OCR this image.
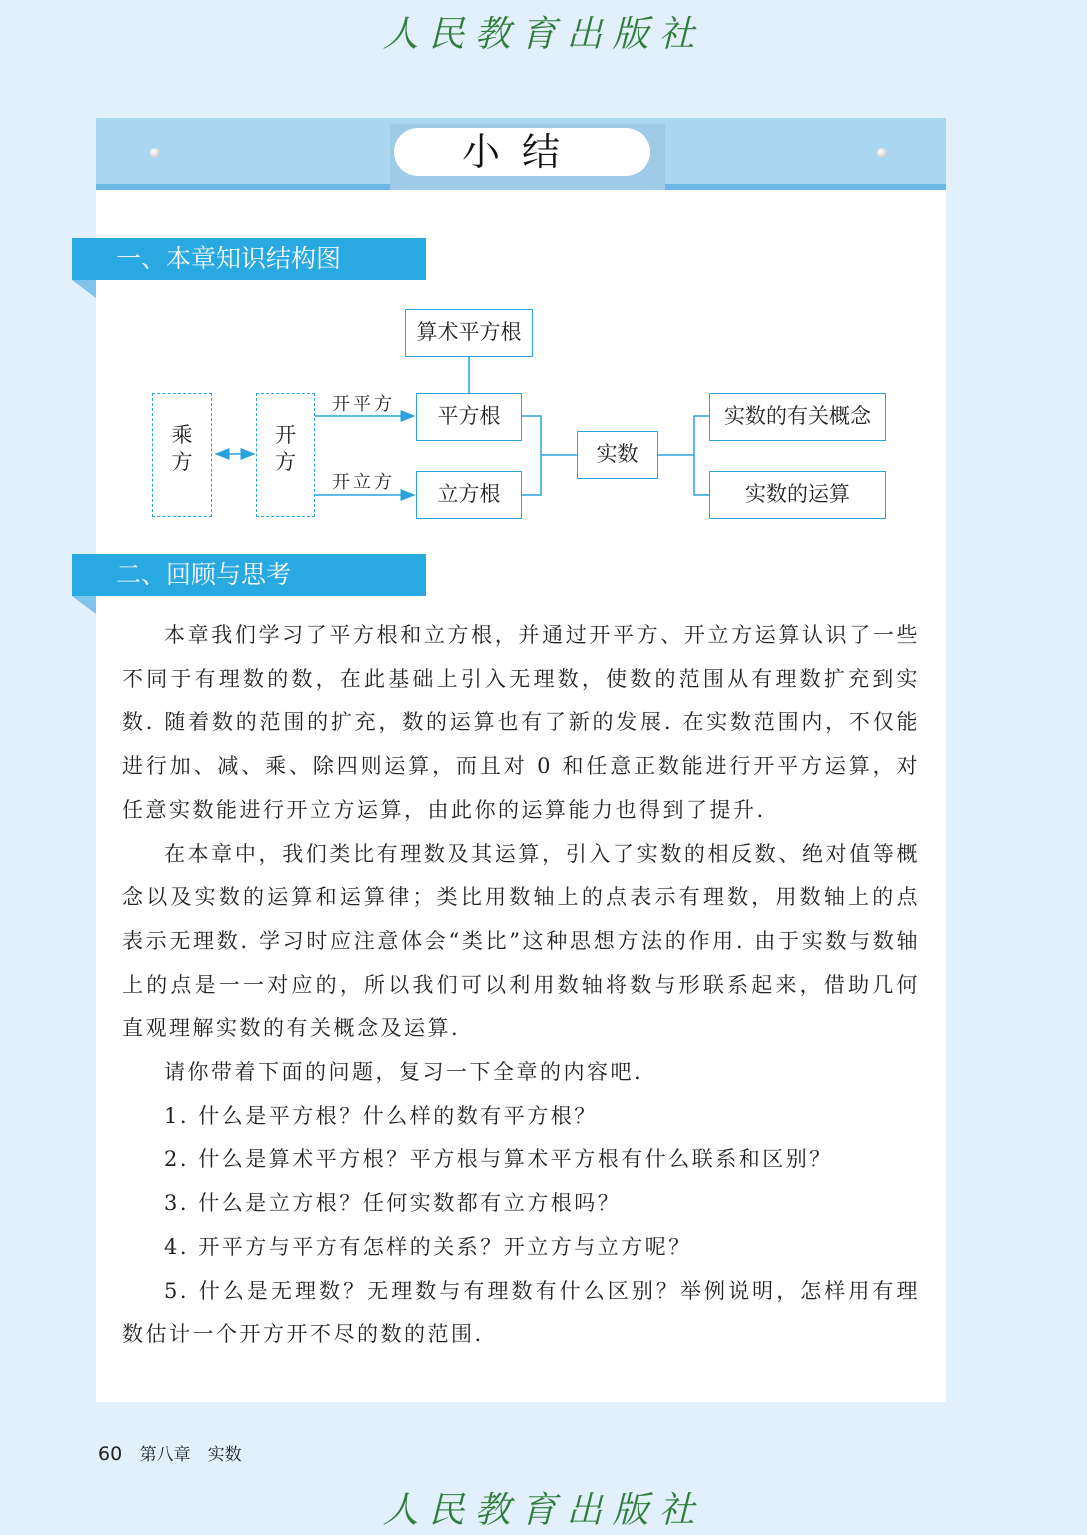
人民教育出版社
小结
一、本章知识结构图
乘
方
开
方
开平方
开立方
算术平方根
平方根
立方根
实数
实数的有关概念
实数的运算
二、回顾与思考

本章我们学习了平方根和立方根，并通过开平方、开立方运算认识了一些不同于有理数的数，在此基础上引入无理数，使数的范围从有理数扩充到实数. 随着数的范围的扩充，数的运算也有了新的发展. 在实数范围内，不仅能进行加、减、乘、除四则运算，而且对 0 和任意正数能进行开平方运算，对任意实数能进行开立方运算，由此你的运算能力也得到了提升.

在本章中，我们类比有理数及其运算，引入了实数的相反数、绝对值等概念以及实数的运算和运算律；类比用数轴上的点表示有理数，用数轴上的点表示无理数. 学习时应注意体会“类比”这种思想方法的作用. 由于实数与数轴上的点是一一对应的，所以我们可以利用数轴将数与形联系起来，借助几何直观理解实数的有关概念及运算.

请你带着下面的问题，复习一下全章的内容吧.

1. 什么是平方根？什么样的数有平方根？

2. 什么是算术平方根？平方根与算术平方根有什么联系和区别？

3. 什么是立方根？任何实数都有立方根吗？

4. 开平方与平方有怎样的关系？开立方与立方呢？

5. 什么是无理数？无理数与有理数有什么区别？举例说明，怎样用有理数估计一个开方开不尽的数的范围.

60 第八章　实数
人民教育出版社
